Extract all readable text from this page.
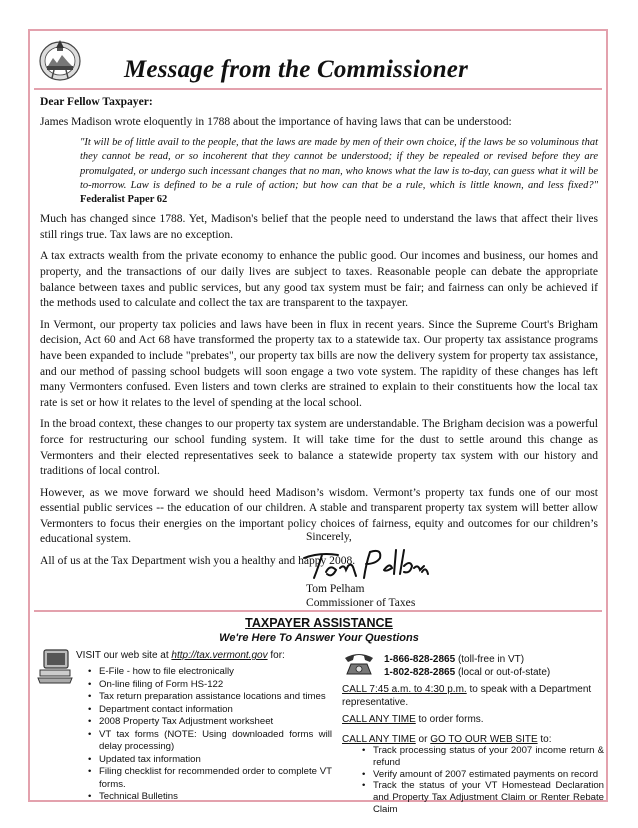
Message from the Commissioner

Dear Fellow Taxpayer:

James Madison wrote eloquently in 1788 about the importance of having laws that can be understood:

"It will be of little avail to the people, that the laws are made by men of their own choice, if the laws be so voluminous that they cannot be read, or so incoherent that they cannot be understood; if they be repealed or revised before they are promulgated, or undergo such incessant changes that no man, who knows what the law is to-day, can guess what it will be to-morrow. Law is defined to be a rule of action; but how can that be a rule, which is little known, and less fixed?" Federalist Paper 62

Much has changed since 1788. Yet, Madison's belief that the people need to understand the laws that affect their lives still rings true. Tax laws are no exception.

A tax extracts wealth from the private economy to enhance the public good. Our incomes and business, our homes and property, and the transactions of our daily lives are subject to taxes. Reasonable people can debate the appropriate balance between taxes and public services, but any good tax system must be fair; and fairness can only be achieved if the methods used to calculate and collect the tax are transparent to the taxpayer.

In Vermont, our property tax policies and laws have been in flux in recent years. Since the Supreme Court's Brigham decision, Act 60 and Act 68 have transformed the property tax to a statewide tax. Our property tax assistance programs have been expanded to include "prebates", our property tax bills are now the delivery system for property tax assistance, and our method of passing school budgets will soon engage a two vote system. The rapidity of these changes has left many Vermonters confused. Even listers and town clerks are strained to explain to their constituents how the local tax rate is set or how it relates to the level of spending at the local school.

In the broad context, these changes to our property tax system are understandable. The Brigham decision was a powerful force for restructuring our school funding system. It will take time for the dust to settle around this change as Vermonters and their elected representatives seek to balance a statewide property tax system with our history and traditions of local control.

However, as we move forward we should heed Madison’s wisdom. Vermont’s property tax funds one of our most essential public services -- the education of our children. A stable and transparent property tax system will better allow Vermonters to focus their energies on the important policy choices of fairness, equity and outcomes for our children’s educational system.

All of us at the Tax Department wish you a healthy and happy 2008.

Sincerely,
Tom Pelham
Commissioner of Taxes
TAXPAYER ASSISTANCE
We're Here To Answer Your Questions
VISIT our web site at http://tax.vermont.gov for:
• E-File - how to file electronically
• On-line filing of Form HS-122
• Tax return preparation assistance locations and times
• Department contact information
• 2008 Property Tax Adjustment worksheet
• VT tax forms (NOTE: Using downloaded forms will delay processing)
• Updated tax information
• Filing checklist for recommended order to complete VT forms.
• Technical Bulletins
1-866-828-2865 (toll-free in VT)
1-802-828-2865 (local or out-of-state)
CALL 7:45 a.m. to 4:30 p.m. to speak with a Department representative.
CALL ANY TIME to order forms.
CALL ANY TIME or GO TO OUR WEB SITE to:
• Track processing status of your 2007 income return & refund
• Verify amount of 2007 estimated payments on record
• Track the status of your VT Homestead Declaration and Property Tax Adjustment Claim or Renter Rebate Claim
